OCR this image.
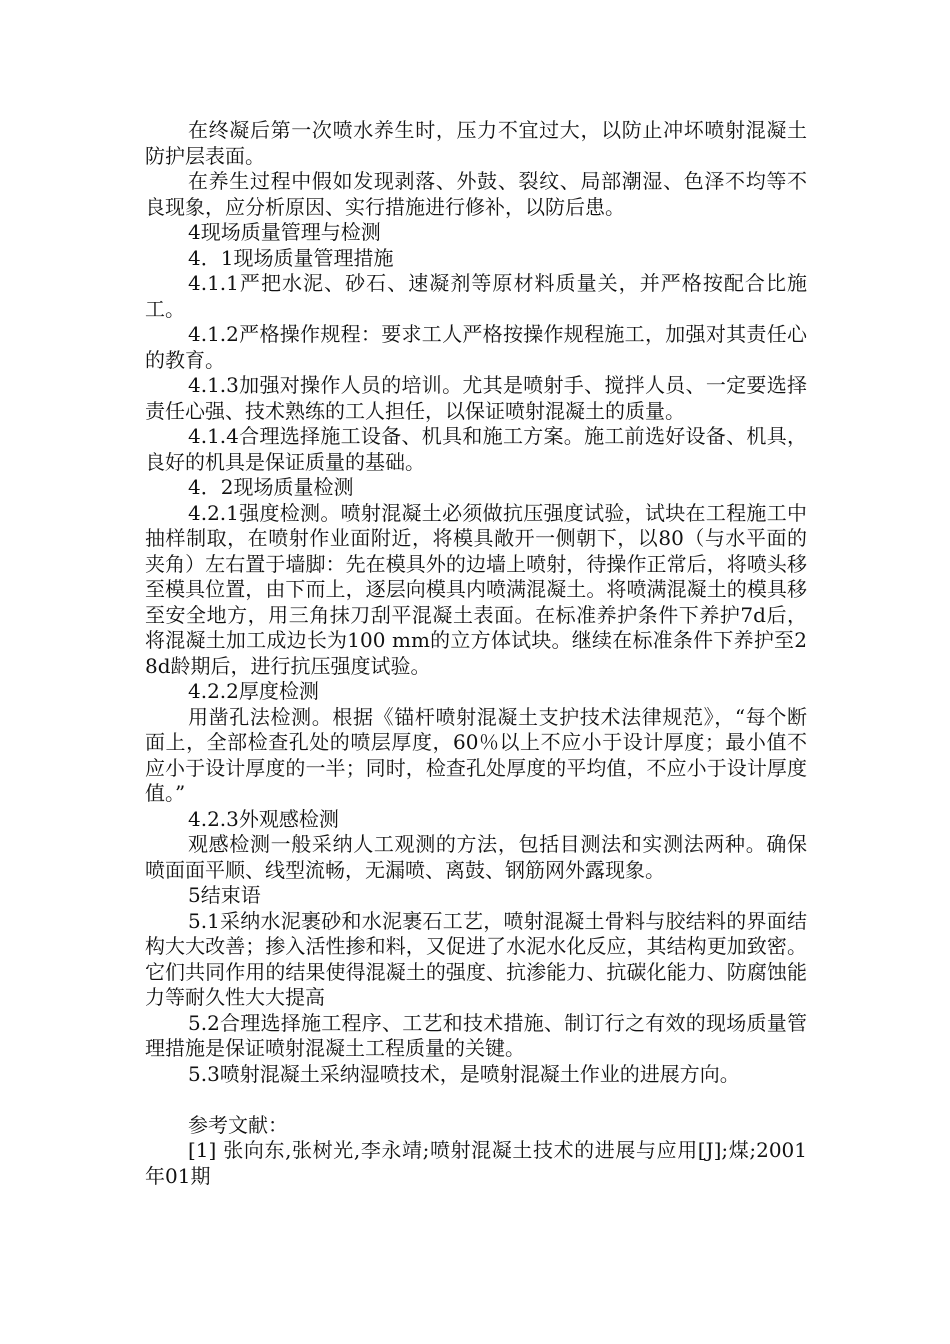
在终凝后第一次喷水养生时，压力不宜过大，以防止冲坏喷射混凝土防护层表面。

在养生过程中假如发现剥落、外鼓、裂纹、局部潮湿、色泽不均等不良现象，应分析原因、实行措施进行修补，以防后患。

4现场质量管理与检测

4．1现场质量管理措施

4.1.1严把水泥、砂石、速凝剂等原材料质量关，并严格按配合比施工。

4.1.2严格操作规程：要求工人严格按操作规程施工，加强对其责任心的教育。

4.1.3加强对操作人员的培训。尤其是喷射手、搅拌人员、一定要选择责任心强、技术熟练的工人担任，以保证喷射混凝土的质量。

4.1.4合理选择施工设备、机具和施工方案。施工前选好设备、机具，良好的机具是保证质量的基础。

4．2现场质量检测

4.2.1强度检测。喷射混凝土必须做抗压强度试验，试块在工程施工中抽样制取，在喷射作业面附近，将模具敞开一侧朝下，以80（与水平面的夹角）左右置于墙脚：先在模具外的边墙上喷射，待操作正常后，将喷头移至模具位置，由下而上，逐层向模具内喷满混凝土。将喷满混凝土的模具移至安全地方，用三角抹刀刮平混凝土表面。在标准养护条件下养护7d后，将混凝土加工成边长为100 mm的立方体试块。继续在标准条件下养护至28d龄期后，进行抗压强度试验。

4.2.2厚度检测

用凿孔法检测。根据《锚杆喷射混凝土支护技术法律规范》，“每个断面上，全部检查孔处的喷层厚度，60％以上不应小于设计厚度；最小值不应小于设计厚度的一半；同时，检查孔处厚度的平均值，不应小于设计厚度值。”

4.2.3外观感检测

观感检测一般采纳人工观测的方法，包括目测法和实测法两种。确保喷面面平顺、线型流畅，无漏喷、离鼓、钢筋网外露现象。

5结束语

5.1采纳水泥裹砂和水泥裹石工艺，喷射混凝土骨料与胶结料的界面结构大大改善；掺入活性掺和料，又促进了水泥水化反应，其结构更加致密。它们共同作用的结果使得混凝土的强度、抗渗能力、抗碳化能力、防腐蚀能力等耐久性大大提高

5.2合理选择施工程序、工艺和技术措施、制订行之有效的现场质量管理措施是保证喷射混凝土工程质量的关键。

5.3喷射混凝土采纳湿喷技术，是喷射混凝土作业的进展方向。

参考文献：

[1] 张向东,张树光,李永靖;喷射混凝土技术的进展与应用[J];煤;2001年01期
